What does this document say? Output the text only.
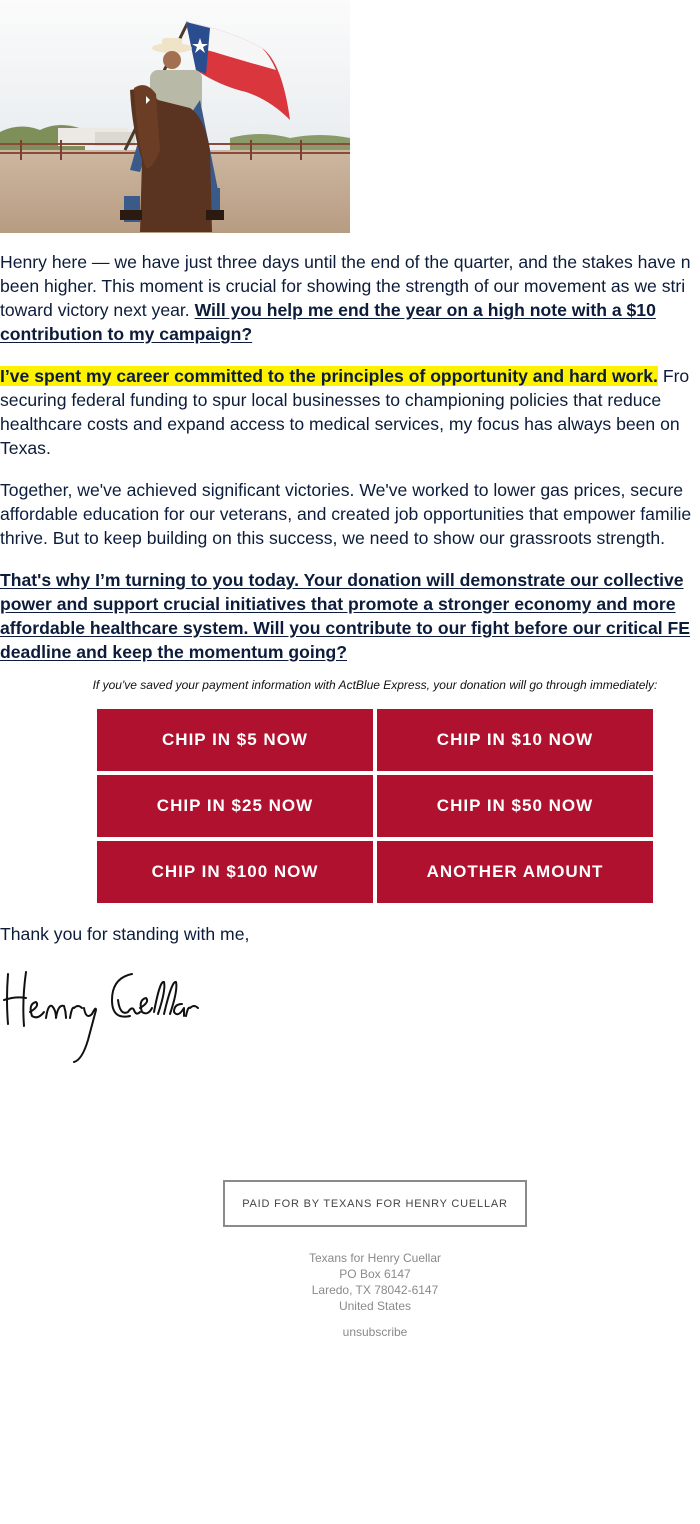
Henry here — we have just three days until the end of the quarter, and the stakes have n
been higher. This moment is crucial for showing the strength of our movement as we stri
toward victory next year. Will you help me end the year on a high note with a $10
contribution to my campaign?

I’ve spent my career committed to the principles of opportunity and hard work. Fro
securing federal funding to spur local businesses to championing policies that reduce
healthcare costs and expand access to medical services, my focus has always been on
Texas.

Together, we've achieved significant victories. We've worked to lower gas prices, secure
affordable education for our veterans, and created job opportunities that empower familie
thrive. But to keep building on this success, we need to show our grassroots strength.

That's why I’m turning to you today. Your donation will demonstrate our collective
power and support crucial initiatives that promote a stronger economy and more
affordable healthcare system. Will you contribute to our fight before our critical FE
deadline and keep the momentum going?

If you've saved your payment information with ActBlue Express, your donation will go through immediately:
CHIP IN $5 NOW	CHIP IN $10 NOW
CHIP IN $25 NOW	CHIP IN $50 NOW
CHIP IN $100 NOW	ANOTHER AMOUNT
Thank you for standing with me,
PAID FOR BY TEXANS FOR HENRY CUELLAR
Texans for Henry Cuellar
PO Box 6147
Laredo, TX 78042-6147
United States
unsubscribe
